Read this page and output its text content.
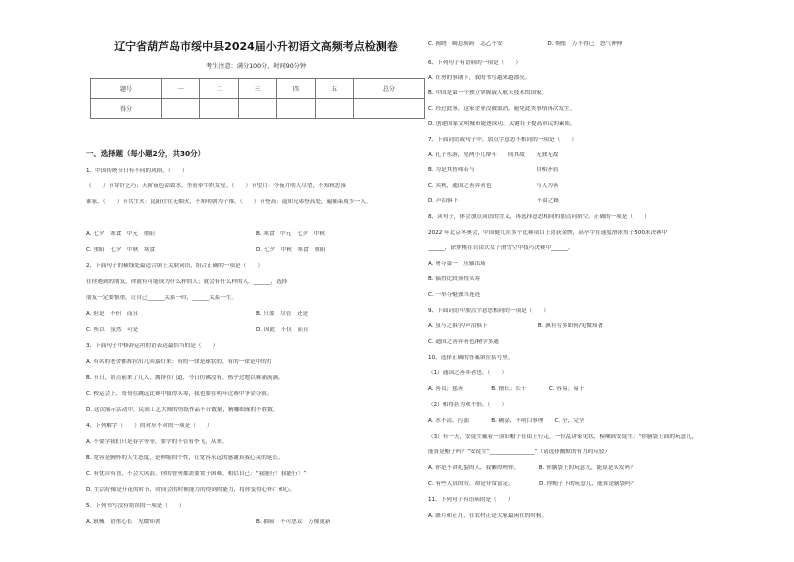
辽宁省葫芦岛市绥中县2024届小升初语文高频考点检测卷
考生注意：满分100分，时间90分钟
题号	一	二	三	四	五	总分
得分						
一、选择题（每小题2分，共30分）
1、中国传统节日有不同的风俗。（　　）
（　　）节穿针乞巧；天阶夜色凉如水，坐看牵牛织女星。（　　）节望月：今夜月明人尽望，不知秋思落
谁家。（　　）节共生火：昆阳往往无烟火，不知明朝为子推。（　　）节登高：遥知兄弟登高处，遍插茱萸少一人。
A. 七夕　寒食　中元　重阳	B. 寒食　中元　七夕　中秋
C. 重阳　七夕　中秋　寒食	D. 七夕　中秋　寒食　重阳
2、下面句子的横线处最适合填上关联词语，组合正确的一项是（　　）
在你遇到的朋友，你就有可能成为什么样的人；就会有什么样的人。______，选择
朋友一定要慎重，让自己______关系一时，______关系一生。
A. 但是　不但　而且	B. 只要　尽管　还是
C. 所以　虽然　可是	D. 因此　不仅　而且
3、下面句子中修辞运用的语表达最恰当的是（　　）
A. 有名的老舍都挥拉出几回嘉灯来：有的一律是球状的，有的一律是中的灯
B. 节日，景点前来了几人，拥挤在门道，今日仿佛没有，热乎过地以赛涌流满。
C. 校运会上，哥哥在跳远比赛中拔得头筹，我也要在明年比赛中争金夺银。
D. 这次展示活动中，民间工艺大师的剪纸作品不计数量，精雕细琢的不胜数。
4、下列解字（　　）的对应不对的一项是（　　）
A. 不要学我们只是春学等等，要学的不管看李飞，从来。
B. 宽容是胸怀的人生态度，是伸缩的个性，让宽容永远的感谢真我心灵的延长。
C. 有忧自有喜，不会大风浪。你的智勇都需要置于困难，相信自己：“我能行！我能行！”
D. 生活好像是开花的时节，时间会的时候能力的得到的能力，将你变得心怀广和心。
5、下列书写没有错误的一项是（　　）
A. 镇械　语重心长　见微知著	B. 抽屉　不可思议　万像更新
C. 揭晓　瞬息骄跨　志乙不安　　　　　　　　D. 惆怅　万不得已　怒气伸伸
6、下列句子有语病的一项是（　　）
A. 在努的事钢下，我的书写越来越漂亮。
B. 中国是第一个独立掌握载人航天技术的国家。
C. 经过此事，这家企业没被取消，避免此类事情再次发生。
D. 创建国家文明城市能逐成功，关键在于提高市民的素质。
7、下面词语或句子中，加点字意思不相同的一项是（　　）
A. 孔子东游，见两小儿辩斗　　间其故　　无独无故
B. 为是其智弗若与　　　　　　　　　　　自相矛盾
C. 宾秋，通国之善弈者也　　　　　　　　与人为善
D. 声泪俱下　　　　　　　　　　　　　　不由之路
8、读句子，体会加点词语的含义，再选择意思相同的加点词填空。正确的一项是（　　）
2022 年北京冬奥会，中国健儿在多个比赛项目上喜获金牌，高亭宇在速度滑冰男子500米决赛中
______，徐梦桃在自由式女子滑雪空中技巧决赛中______。
A. 勇夺第一　压轴出场
B. 搞得比较顶得头筹
C. 一举夺魁独当连连
9、下面词语中加点字意思相同的一项是（　　）
A. 虽与之俱学/声泪俱下　　　　　　　　　B. 孰有劳多如何/见微知著
C. 通国之善弈者也/精学多通
10、选择正确的答案填在括号里。
（1）通国之善弈者也。（　　）
A. 善良；慈善　　　　　B. 擅长；长于　　　　C. 容易；易于
（2）相得甚为欢不怡。（　　）
A. 水不清，污浊　　　　B. 糊涂，不明白事理　　C. 全，完全
（3）有一天，安徒生戴着一顶旧帽子在街上行走，一位乱讲家见状，模嘲讽安徒生：“你脑袋上面的玩意儿，
能算是帽子吗？”安徒生“________________”（请选择幽默的有力的反驳）
A. 你是不讲礼貌的人，我懒得理你。　　　　B. 你脑袋上的玩意儿，能算是头发吗？
C. 有些人真的穷，却是非常富足。　　　　　D. 你帽子下的玩意儿，能算是脑袋吗？
11、下列句子有语病的是（　　）
A. 腊月和正月，在农村正是大家最闲在的时候。
